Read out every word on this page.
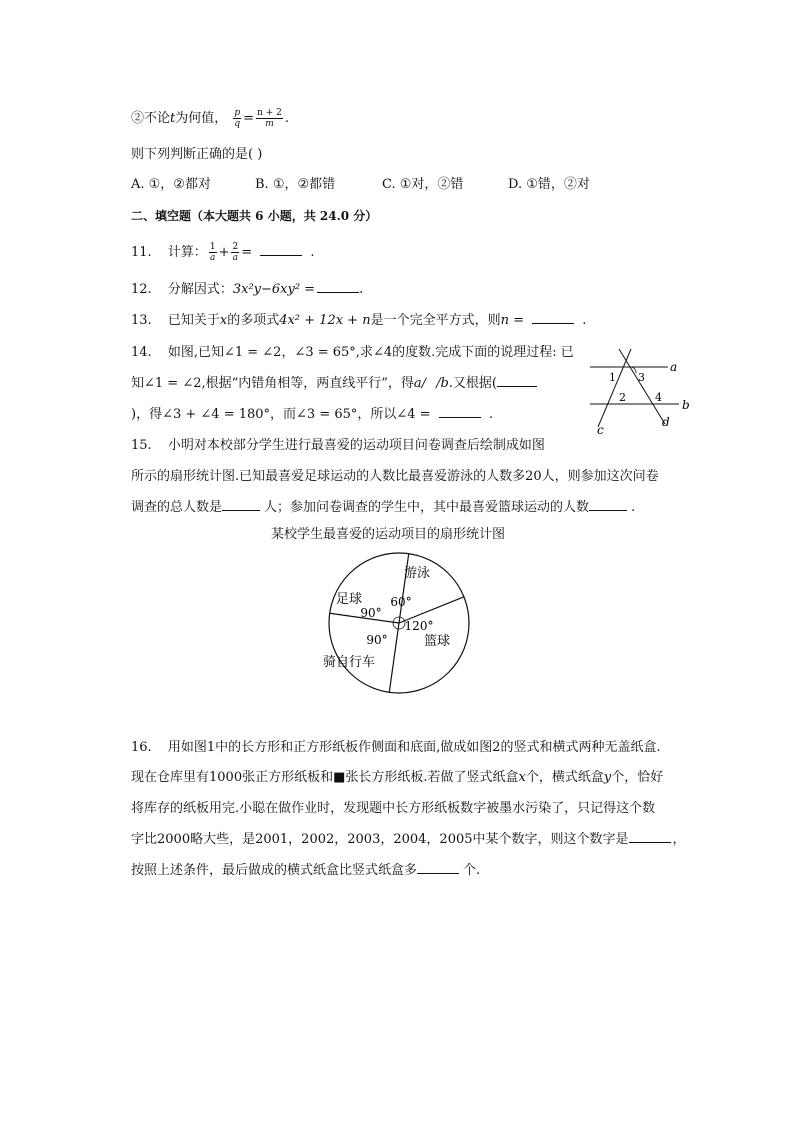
②不论t为何值， $\frac{p}{q} = \frac{n + 2}{m}$ .
则下列判断正确的是( )
A. ①，②都对	B. ①，②都错	C. ①对，②错	D. ①错，②对
二、填空题（本大题共 6 小题，共 24.0 分）
11. 计算： $\frac{1}{a} + \frac{2}{a}$ =	.
12. 分解因式：3x²y−6xy² =	.
13. 已知关于x的多项式4x² + 12x + n是一个完全平方式，则n =	.
14. 如图,已知∠1 = ∠2，∠3 = 65°,求∠4的度数.完成下面的说理过程: 已
知∠1 = ∠2,根据“内错角相等，两直线平行”，得a/ /b.又根据(
)，得∠3 + ∠4 = 180°，而∠3 = 65°，所以∠4 =	.
a
b
c
d
1 3
2	4
15. 小明对本校部分学生进行最喜爱的运动项目问卷调查后绘制成如图
所示的扇形统计图.已知最喜爱足球运动的人数比最喜爱游泳的人数多20人，则参加这次问卷
调查的总人数是	人；参加问卷调查的学生中，其中最喜爱篮球运动的人数	.
某校学生最喜爱的运动项目的扇形统计图
游泳
60°
篮球
120°
骑自行车
90°
足球
90°
16. 用如图1中的长方形和正方形纸板作侧面和底面,做成如图2的竖式和横式两种无盖纸盒.
现在仓库里有1000张正方形纸板和■张长方形纸板.若做了竖式纸盒x个，横式纸盒y个，恰好
将库存的纸板用完.小聪在做作业时，发现题中长方形纸板数字被墨水污染了，只记得这个数
字比2000略大些，是2001，2002，2003，2004，2005中某个数字，则这个数字是	，
按照上述条件，最后做成的横式纸盒比竖式纸盒多	个.
